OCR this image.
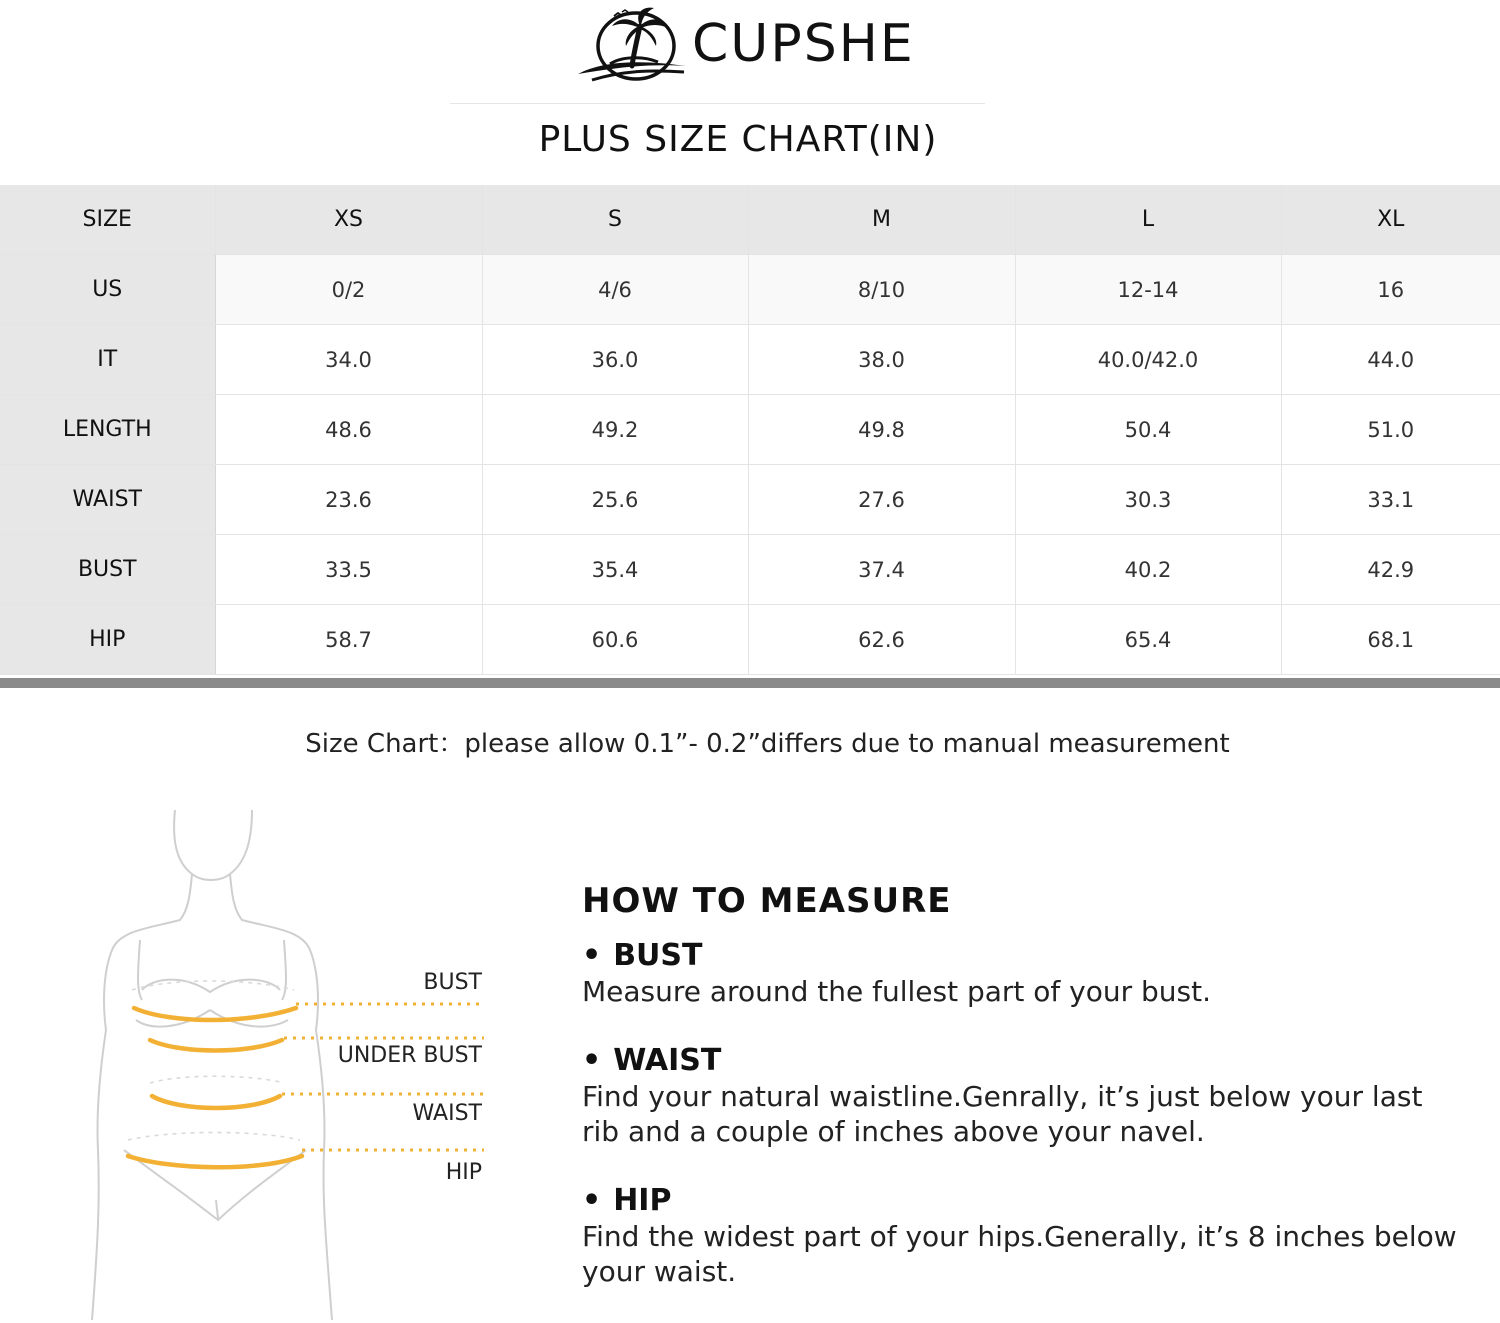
CUPSHE
PLUS SIZE CHART(IN)
SIZE	XS	S	M	L	XL
US	0/2	4/6	8/10	12-14	16
IT	34.0	36.0	38.0	40.0/42.0	44.0
LENGTH	48.6	49.2	49.8	50.4	51.0
WAIST	23.6	25.6	27.6	30.3	33.1
BUST	33.5	35.4	37.4	40.2	42.9
HIP	58.7	60.6	62.6	65.4	68.1
Size Chart：please allow 0.1”- 0.2”differs due to manual measurement
BUST
UNDER BUST
WAIST
HIP
HOW TO MEASURE
• BUST
Measure around the fullest part of your bust.
• WAIST
Find your natural waistline.Genrally, it’s just below your last rib and a couple of inches above your navel.
• HIP
Find the widest part of your hips.Generally, it’s 8 inches below your waist.
